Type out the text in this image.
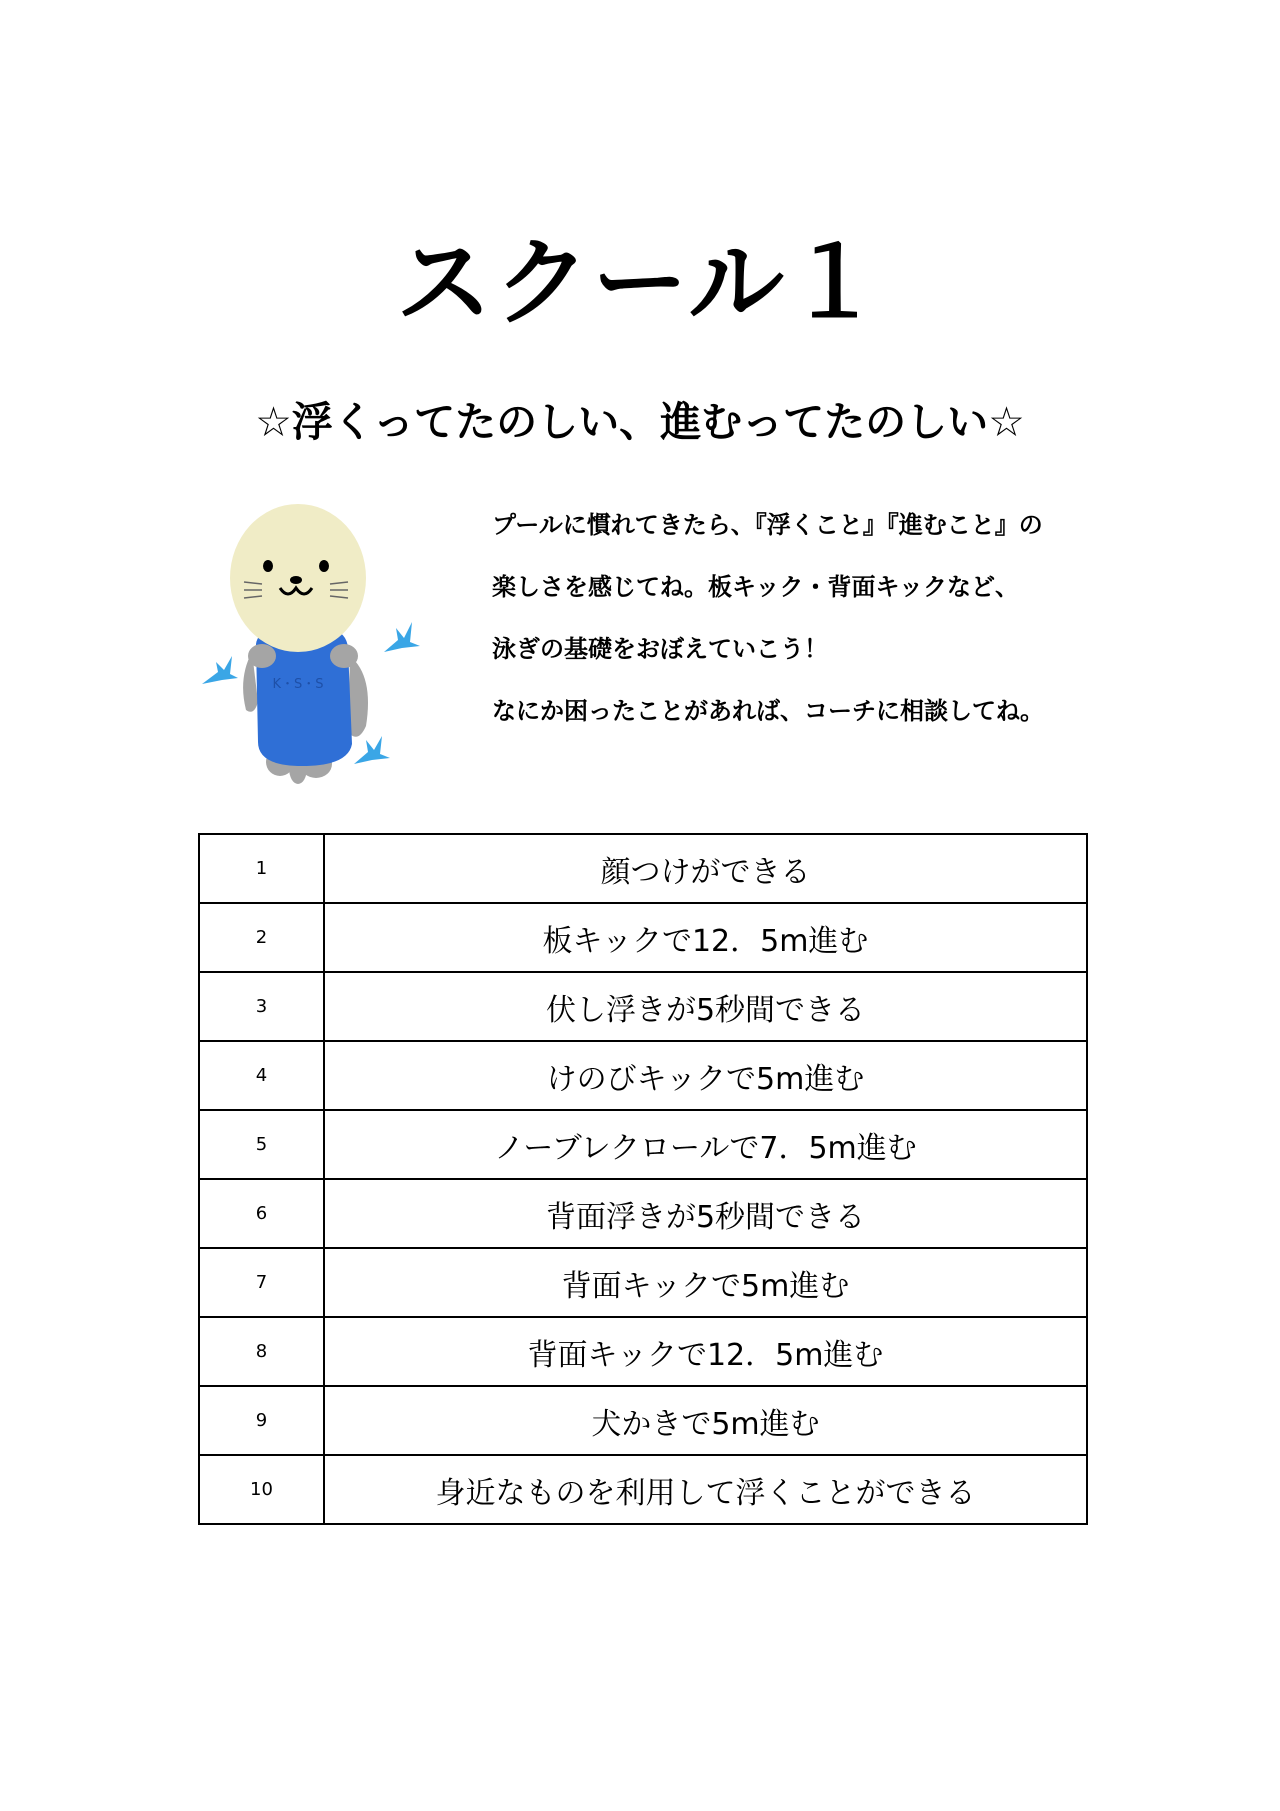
スクール１
☆浮くってたのしい、進むってたのしい☆
K・S・S
プールに慣れてきたら、『浮くこと』『進むこと』の
楽しさを感じてね。板キック・背面キックなど、
泳ぎの基礎をおぼえていこう！
なにか困ったことがあれば、コーチに相談してね。
1	顔つけができる
2	板キックで12．5m進む
3	伏し浮きが5秒間できる
4	けのびキックで5m進む
5	ノーブレクロールで7．5m進む
6	背面浮きが5秒間できる
7	背面キックで5m進む
8	背面キックで12．5m進む
9	犬かきで5m進む
10	身近なものを利用して浮くことができる
